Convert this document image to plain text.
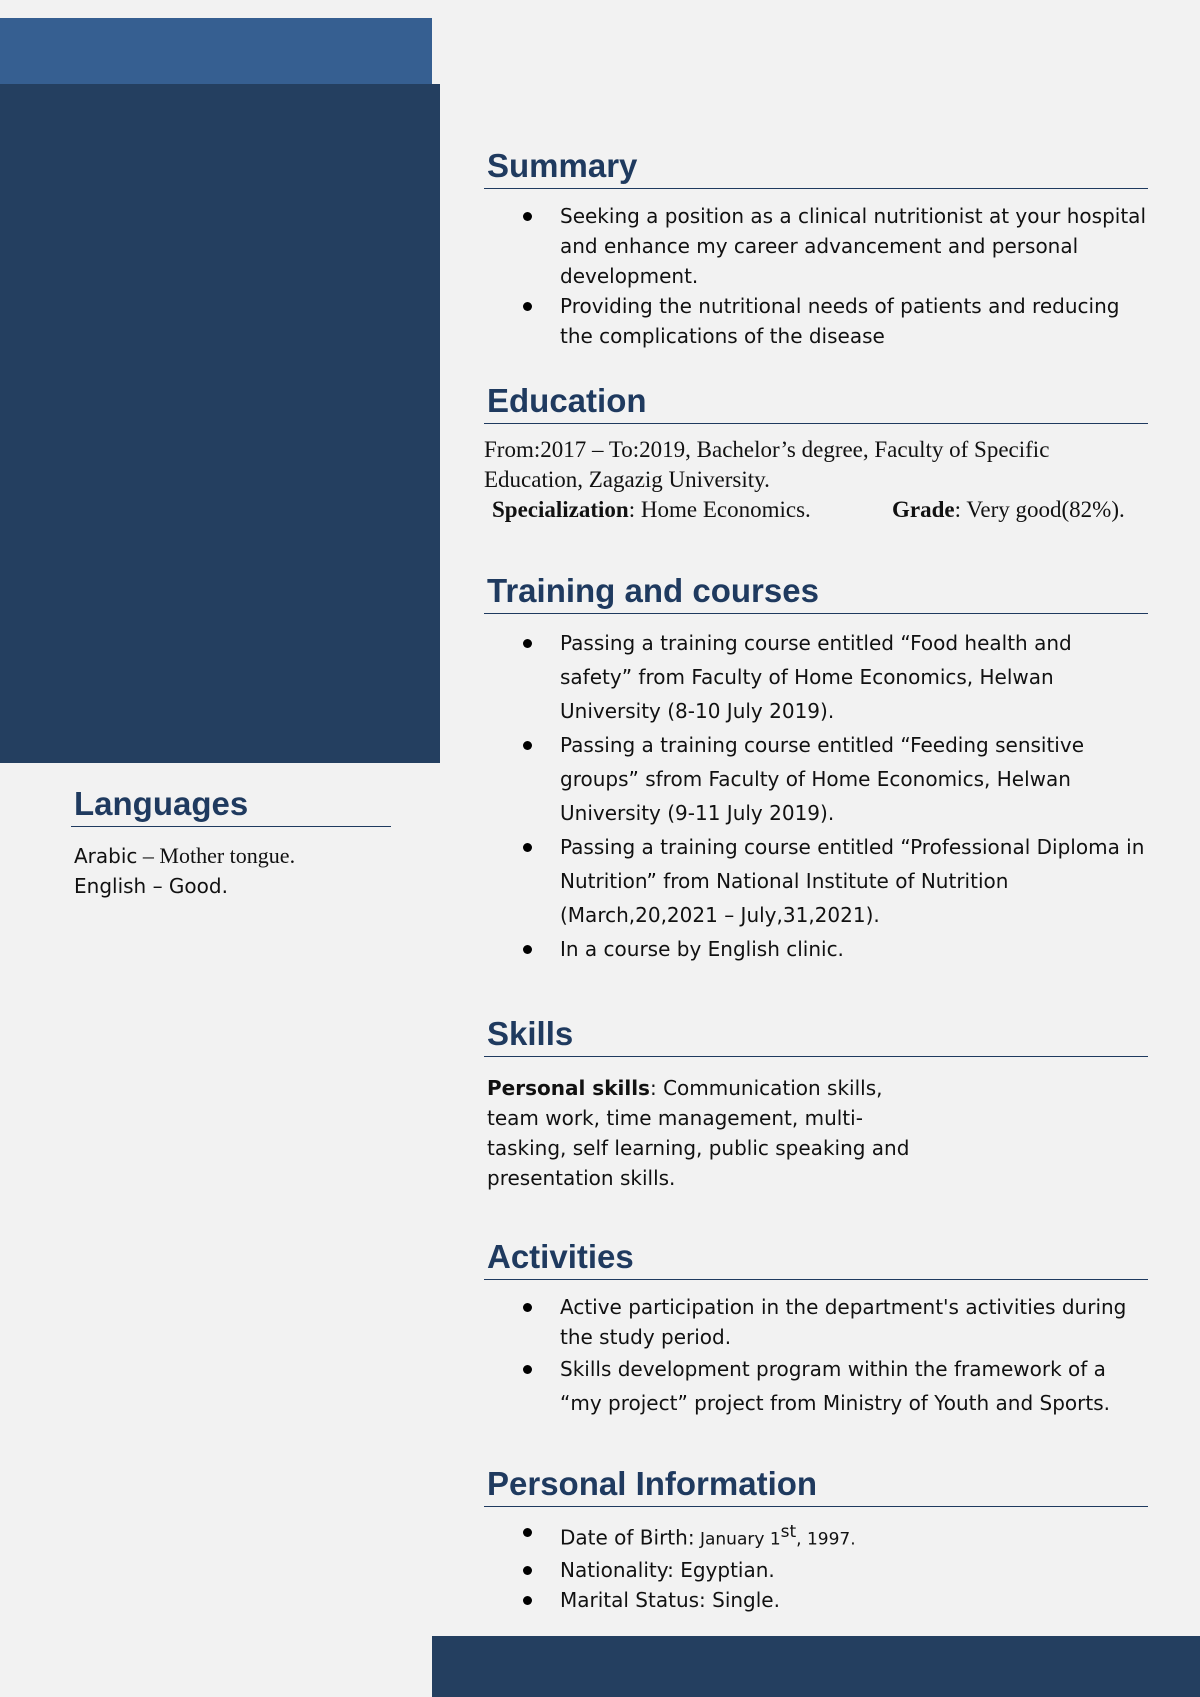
Summary
Seeking a position as a clinical nutritionist at your hospital and enhance my career advancement and personal development.
Providing the nutritional needs of patients and reducing the complications of the disease
Education
From:2017 – To:2019, Bachelor’s degree, Faculty of Specific Education, Zagazig University.
Specialization: Home Economics.	Grade: Very good(82%).
Training and courses
Passing a training course entitled “Food health and safety” from Faculty of Home Economics, Helwan University (8-10 July 2019).
Passing a training course entitled “Feeding sensitive groups” sfrom Faculty of Home Economics, Helwan University (9-11 July 2019).
Passing a training course entitled “Professional Diploma in Nutrition” from National Institute of Nutrition (March,20,2021 – July,31,2021).
In a course by English clinic.
Skills
Personal skills: Communication skills, team work, time management, multi-tasking, self learning, public speaking and presentation skills.
Activities
Active participation in the department's activities during the study period.
Skills development program within the framework of a “my project” project from Ministry of Youth and Sports.
Personal Information
Date of Birth: January 1st, 1997.
Nationality: Egyptian.
Marital Status: Single.
Languages
Arabic – Mother tongue.
English – Good.
